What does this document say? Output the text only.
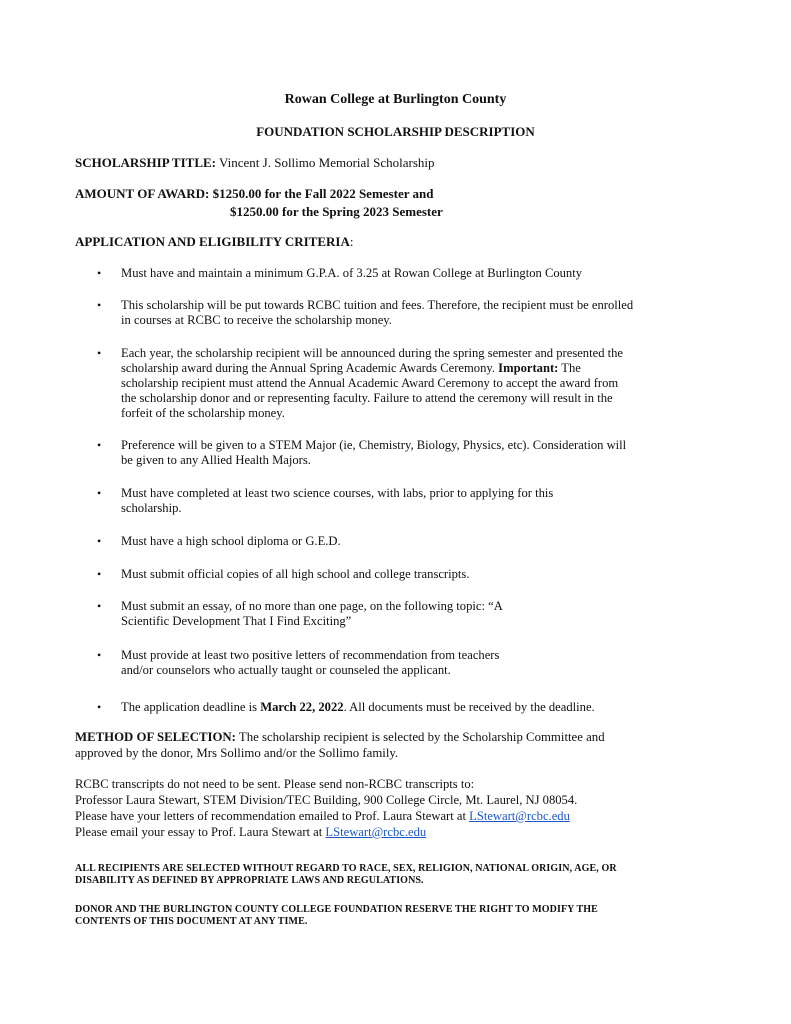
Rowan College at Burlington County
FOUNDATION SCHOLARSHIP DESCRIPTION
SCHOLARSHIP TITLE: Vincent J. Sollimo Memorial Scholarship
AMOUNT OF AWARD: $1250.00 for the Fall 2022 Semester and
$1250.00 for the Spring 2023 Semester
APPLICATION AND ELIGIBILITY CRITERIA:
• Must have and maintain a minimum G.P.A. of 3.25 at Rowan College at Burlington County
• This scholarship will be put towards RCBC tuition and fees. Therefore, the recipient must be enrolled
in courses at RCBC to receive the scholarship money.
• Each year, the scholarship recipient will be announced during the spring semester and presented the
scholarship award during the Annual Spring Academic Awards Ceremony. Important: The
scholarship recipient must attend the Annual Academic Award Ceremony to accept the award from
the scholarship donor and or representing faculty. Failure to attend the ceremony will result in the
forfeit of the scholarship money.
• Preference will be given to a STEM Major (ie, Chemistry, Biology, Physics, etc). Consideration will
be given to any Allied Health Majors.
• Must have completed at least two science courses, with labs, prior to applying for this
scholarship.
• Must have a high school diploma or G.E.D.
• Must submit official copies of all high school and college transcripts.
• Must submit an essay, of no more than one page, on the following topic: “A
Scientific Development That I Find Exciting”
• Must provide at least two positive letters of recommendation from teachers
and/or counselors who actually taught or counseled the applicant.
• The application deadline is March 22, 2022. All documents must be received by the deadline.
METHOD OF SELECTION: The scholarship recipient is selected by the Scholarship Committee and
approved by the donor, Mrs Sollimo and/or the Sollimo family.
RCBC transcripts do not need to be sent. Please send non-RCBC transcripts to:
Professor Laura Stewart, STEM Division/TEC Building, 900 College Circle, Mt. Laurel, NJ 08054.
Please have your letters of recommendation emailed to Prof. Laura Stewart at LStewart@rcbc.edu
Please email your essay to Prof. Laura Stewart at LStewart@rcbc.edu
ALL RECIPIENTS ARE SELECTED WITHOUT REGARD TO RACE, SEX, RELIGION, NATIONAL ORIGIN, AGE, OR
DISABILITY AS DEFINED BY APPROPRIATE LAWS AND REGULATIONS.
DONOR AND THE BURLINGTON COUNTY COLLEGE FOUNDATION RESERVE THE RIGHT TO MODIFY THE
CONTENTS OF THIS DOCUMENT AT ANY TIME.
